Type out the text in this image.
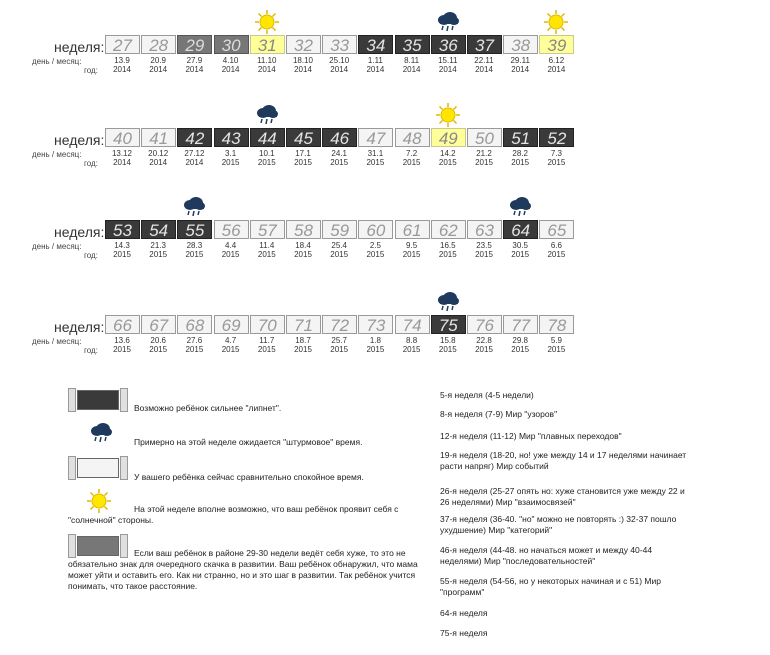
неделя:
день / месяц:
год:
27
13.9
2014
28
20.9
2014
29
27.9
2014
30
4.10
2014
31
11.10
2014
32
18.10
2014
33
25.10
2014
34
1.11
2014
35
8.11
2014
36
15.11
2014
37
22.11
2014
38
29.11
2014
39
6.12
2014
неделя:
день / месяц:
год:
40
13.12
2014
41
20.12
2014
42
27.12
2014
43
3.1
2015
44
10.1
2015
45
17.1
2015
46
24.1
2015
47
31.1
2015
48
7.2
2015
49
14.2
2015
50
21.2
2015
51
28.2
2015
52
7.3
2015
неделя:
день / месяц:
год:
53
14.3
2015
54
21.3
2015
55
28.3
2015
56
4.4
2015
57
11.4
2015
58
18.4
2015
59
25.4
2015
60
2.5
2015
61
9.5
2015
62
16.5
2015
63
23.5
2015
64
30.5
2015
65
6.6
2015
неделя:
день / месяц:
год:
66
13.6
2015
67
20.6
2015
68
27.6
2015
69
4.7
2015
70
11.7
2015
71
18.7
2015
72
25.7
2015
73
1.8
2015
74
8.8
2015
75
15.8
2015
76
22.8
2015
77
29.8
2015
78
5.9
2015
Возможно ребёнок сильнее "липнет".
Примерно на этой неделе ожидается "штурмовое" время.
У вашего ребёнка сейчас сравнительно спокойное время.
На этой неделе вполне возможно, что ваш ребёнок проявит себя с "солнечной" стороны.
Если ваш ребёнок в районе 29-30 недели ведёт себя хуже, то это не обязательно знак для очередного скачка в развитии. Ваш ребёнок обнаружил, что мама может уйти и оставить его. Как ни странно, но и это шаг в развитии. Так ребёнок учится понимать, что такое расстояние.
5-я неделя (4-5 недели)
8-я неделя (7-9) Мир "узоров"
12-я неделя (11-12) Мир "плавных переходов"
19-я неделя (18-20, но! уже между 14 и 17 неделями начинает расти напряг) Мир событий
26-я неделя (25-27 опять но: хуже становится уже между 22 и 26 неделями) Мир "взаимосвязей"
37-я неделя (36-40. "но" можно не повторять :) 32-37 пошло ухудшение) Мир "категорий"
46-я неделя (44-48. но начаться может и между 40-44 неделями) Мир "последовательностей"
55-я неделя (54-56, но у некоторых начиная и с 51) Мир "программ"
64-я неделя
75-я неделя
